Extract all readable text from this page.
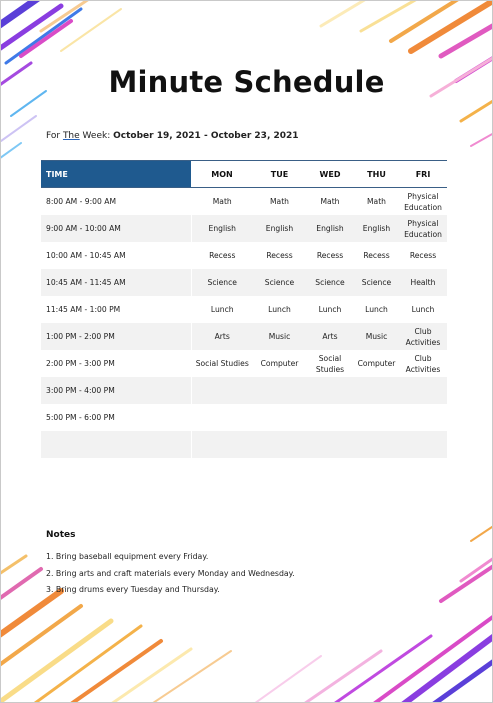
Minute Schedule
For The Week: October 19, 2021 - October 23, 2021
TIME	MON	TUE	WED	THU	FRI
8:00 AM - 9:00 AM	Math	Math	Math	Math	Physical Education
9:00 AM - 10:00 AM	English	English	English	English	Physical Education
10:00 AM - 10:45 AM	Recess	Recess	Recess	Recess	Recess
10:45 AM - 11:45 AM	Science	Science	Science	Science	Health
11:45 AM - 1:00 PM	Lunch	Lunch	Lunch	Lunch	Lunch
1:00 PM - 2:00 PM	Arts	Music	Arts	Music	Club Activities
2:00 PM - 3:00 PM	Social Studies	Computer	Social Studies	Computer	Club Activities
3:00 PM - 4:00 PM					
5:00 PM - 6:00 PM					

Notes
1. Bring baseball equipment every Friday.
2. Bring arts and craft materials every Monday and Wednesday.
3. Bring drums every Tuesday and Thursday.
